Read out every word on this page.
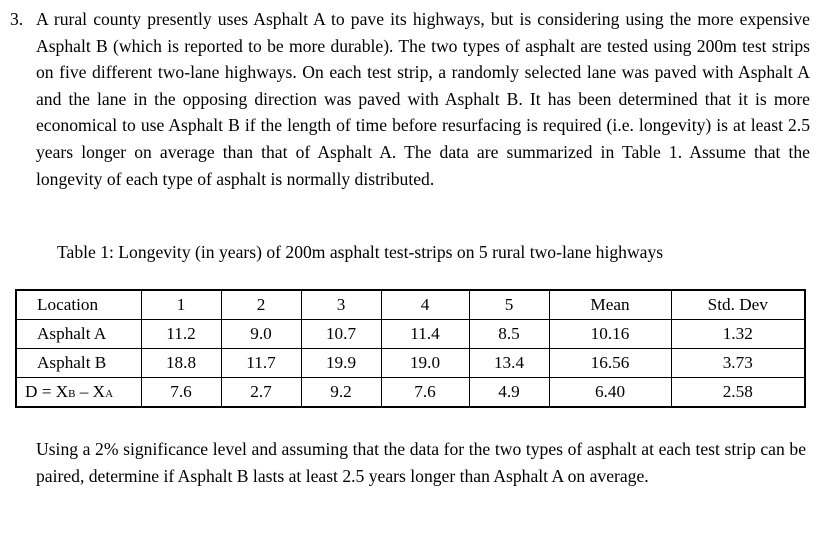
3. A rural county presently uses Asphalt A to pave its highways, but is considering using the more expensive Asphalt B (which is reported to be more durable). The two types of asphalt are tested using 200m test strips on five different two-lane highways. On each test strip, a randomly selected lane was paved with Asphalt A and the lane in the opposing direction was paved with Asphalt B. It has been determined that it is more economical to use Asphalt B if the length of time before resurfacing is required (i.e. longevity) is at least 2.5 years longer on average than that of Asphalt A. The data are summarized in Table 1. Assume that the longevity of each type of asphalt is normally distributed.
Table 1: Longevity (in years) of 200m asphalt test-strips on 5 rural two-lane highways
Location	1	2	3	4	5	Mean	Std. Dev
Asphalt A	11.2	9.0	10.7	11.4	8.5	10.16	1.32
Asphalt B	18.8	11.7	19.9	19.0	13.4	16.56	3.73
D = XB – XA	7.6	2.7	9.2	7.6	4.9	6.40	2.58
Using a 2% significance level and assuming that the data for the two types of asphalt at each test strip can be paired, determine if Asphalt B lasts at least 2.5 years longer than Asphalt A on average.
